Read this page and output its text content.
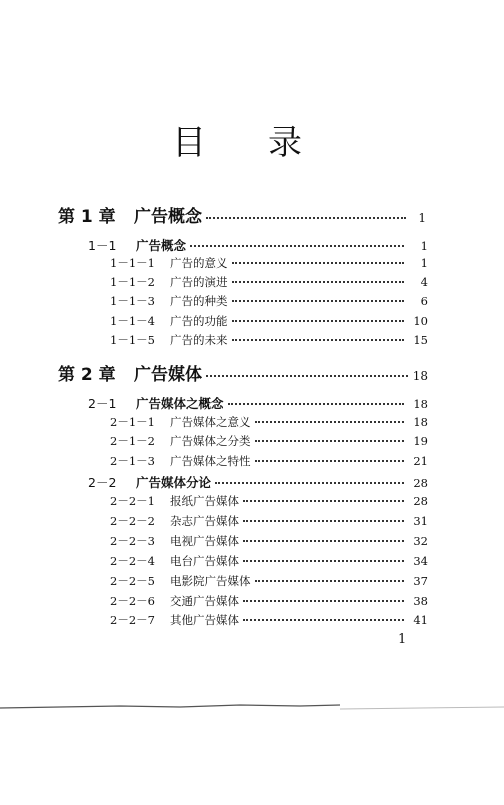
目 录
第 1 章	广告概念	1
1－1	广告概念	1
1－1－1	广告的意义	1
1－1－2	广告的演进	4
1－1－3	广告的种类	6
1－1－4	广告的功能	10
1－1－5	广告的未来	15
第 2 章	广告媒体	18
2－1	广告媒体之概念	18
2－1－1	广告媒体之意义	18
2－1－2	广告媒体之分类	19
2－1－3	广告媒体之特性	21
2－2	广告媒体分论	28
2－2－1	报纸广告媒体	28
2－2－2	杂志广告媒体	31
2－2－3	电视广告媒体	32
2－2－4	电台广告媒体	34
2－2－5	电影院广告媒体	37
2－2－6	交通广告媒体	38
2－2－7	其他广告媒体	41
1
